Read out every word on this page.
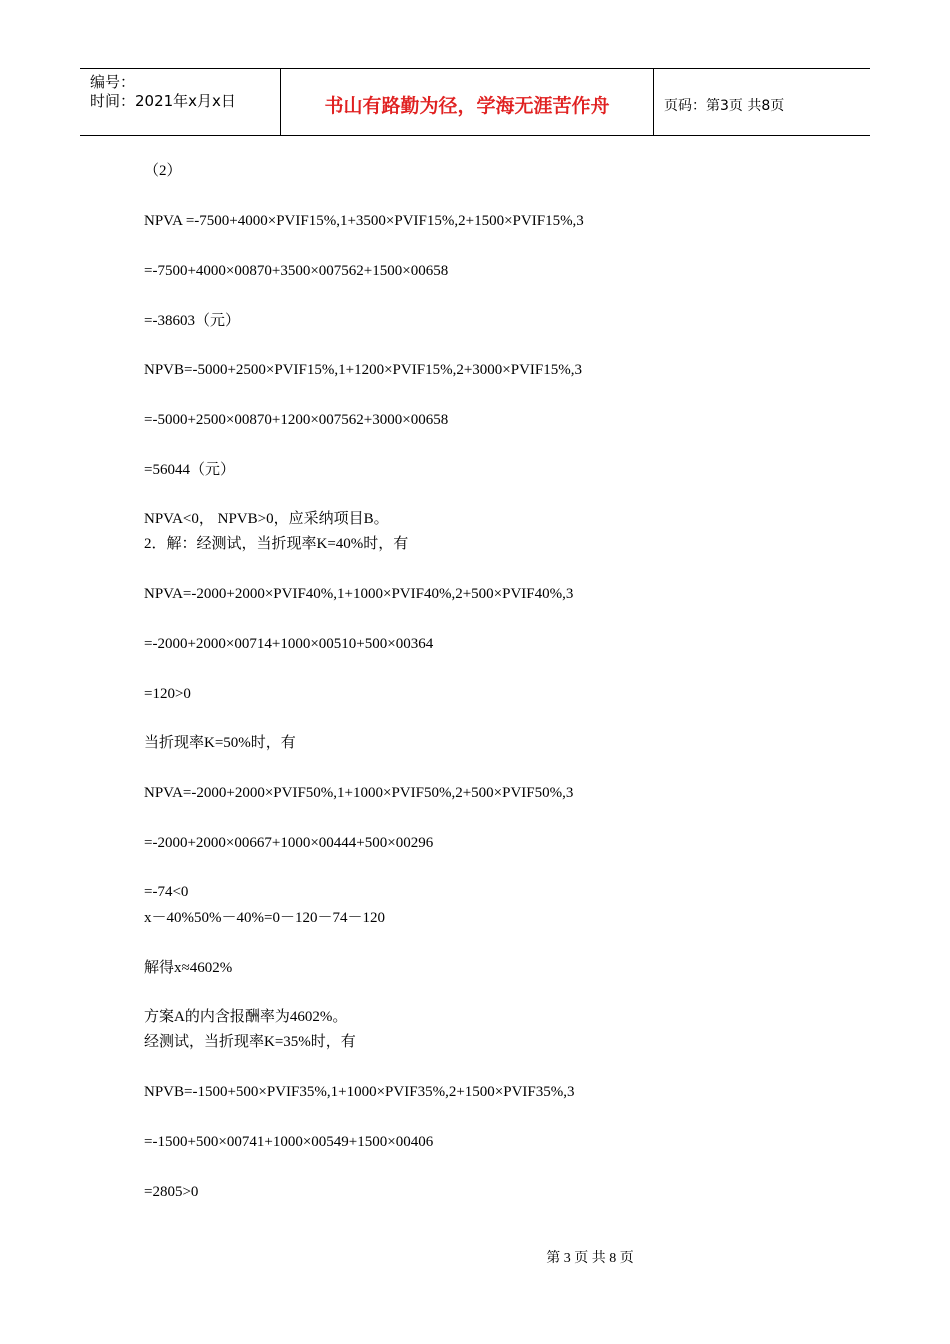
编号：
时间：2021年x月x日	书山有路勤为径，学海无涯苦作舟	页码：第3页 共8页
（2）
NPVA =-7500+4000×PVIF15%,1+3500×PVIF15%,2+1500×PVIF15%,3
=-7500+4000×00870+3500×007562+1500×00658
=-38603（元）
NPVB=-5000+2500×PVIF15%,1+1200×PVIF15%,2+3000×PVIF15%,3
=-5000+2500×00870+1200×007562+3000×00658
=56044（元）
NPVA<0， NPVB>0，应采纳项目B。
2．解：经测试，当折现率K=40%时，有
NPVA=-2000+2000×PVIF40%,1+1000×PVIF40%,2+500×PVIF40%,3
=-2000+2000×00714+1000×00510+500×00364
=120>0
当折现率K=50%时，有
NPVA=-2000+2000×PVIF50%,1+1000×PVIF50%,2+500×PVIF50%,3
=-2000+2000×00667+1000×00444+500×00296
=-74<0
x－40%50%－40%=0－120－74－120
解得x≈4602%
方案A的内含报酬率为4602%。
经测试，当折现率K=35%时，有
NPVB=-1500+500×PVIF35%,1+1000×PVIF35%,2+1500×PVIF35%,3
=-1500+500×00741+1000×00549+1500×00406
=2805>0
第 3 页 共 8 页
